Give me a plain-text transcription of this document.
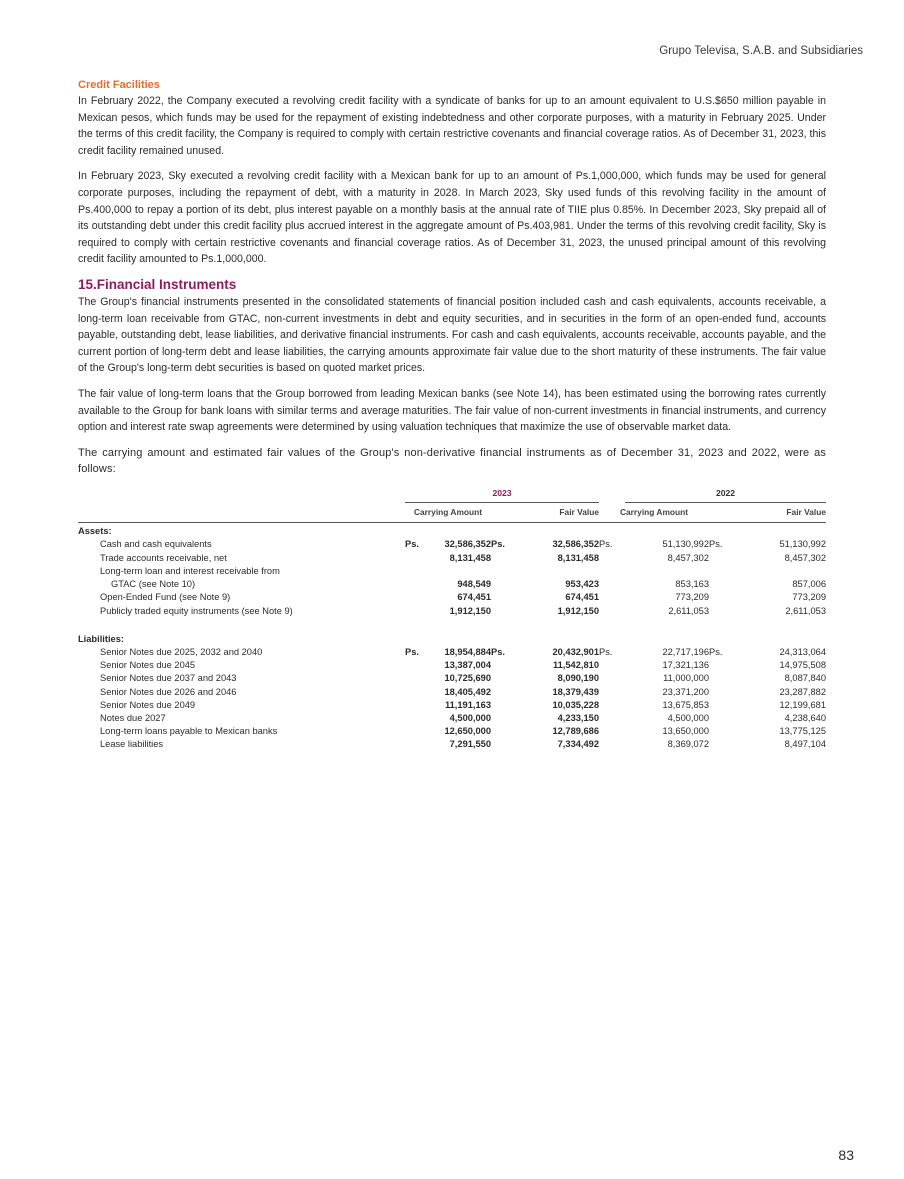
Grupo Televisa, S.A.B. and Subsidiaries
Credit Facilities

In February 2022, the Company executed a revolving credit facility with a syndicate of banks for up to an amount equivalent to U.S.$650 million payable in Mexican pesos, which funds may be used for the repayment of existing indebtedness and other corporate purposes, with a maturity in February 2025. Under the terms of this credit facility, the Company is required to comply with certain restrictive covenants and financial coverage ratios. As of December 31, 2023, this credit facility remained unused.

In February 2023, Sky executed a revolving credit facility with a Mexican bank for up to an amount of Ps.1,000,000, which funds may be used for general corporate purposes, including the repayment of debt, with a maturity in 2028. In March 2023, Sky used funds of this revolving facility in the amount of Ps.400,000 to repay a portion of its debt, plus interest payable on a monthly basis at the annual rate of TIIE plus 0.85%. In December 2023, Sky prepaid all of its outstanding debt under this credit facility plus accrued interest in the aggregate amount of Ps.403,981. Under the terms of this revolving credit facility, Sky is required to comply with certain restrictive covenants and financial coverage ratios. As of December 31, 2023, the unused principal amount of this revolving credit facility amounted to Ps.1,000,000.

15.Financial Instruments

The Group's financial instruments presented in the consolidated statements of financial position included cash and cash equivalents, accounts receivable, a long-term loan receivable from GTAC, non-current investments in debt and equity securities, and in securities in the form of an open-ended fund, accounts payable, outstanding debt, lease liabilities, and derivative financial instruments. For cash and cash equivalents, accounts receivable, accounts payable, and the current portion of long-term debt and lease liabilities, the carrying amounts approximate fair value due to the short maturity of these instruments. The fair value of the Group's long-term debt securities is based on quoted market prices.

The fair value of long-term loans that the Group borrowed from leading Mexican banks (see Note 14), has been estimated using the borrowing rates currently available to the Group for bank loans with similar terms and average maturities. The fair value of non-current investments in financial instruments, and currency option and interest rate swap agreements were determined by using valuation techniques that maximize the use of observable market data.

The carrying amount and estimated fair values of the Group's non-derivative financial instruments as of December 31, 2023 and 2022, were as follows:

	2023					2022		
	Carrying Amount		Fair Value		Carrying Amount		Fair Value	
Assets:								
Cash and cash equivalents	Ps.	32,586,352	Ps.	32,586,352	Ps.	51,130,992	Ps.	51,130,992
Trade accounts receivable, net		8,131,458		8,131,458		8,457,302		8,457,302
Long-term loan and interest receivable from								
GTAC (see Note 10)		948,549		953,423		853,163		857,006
Open-Ended Fund (see Note 9)		674,451		674,451		773,209		773,209
Publicly traded equity instruments (see Note 9)		1,912,150		1,912,150		2,611,053		2,611,053

Liabilities:								
Senior Notes due 2025, 2032 and 2040	Ps.	18,954,884	Ps.	20,432,901	Ps.	22,717,196	Ps.	24,313,064
Senior Notes due 2045		13,387,004		11,542,810		17,321,136		14,975,508
Senior Notes due 2037 and 2043		10,725,690		8,090,190		11,000,000		8,087,840
Senior Notes due 2026 and 2046		18,405,492		18,379,439		23,371,200		23,287,882
Senior Notes due 2049		11,191,163		10,035,228		13,675,853		12,199,681
Notes due 2027		4,500,000		4,233,150		4,500,000		4,238,640
Long-term loans payable to Mexican banks		12,650,000		12,789,686		13,650,000		13,775,125
Lease liabilities		7,291,550		7,334,492		8,369,072		8,497,104
83
